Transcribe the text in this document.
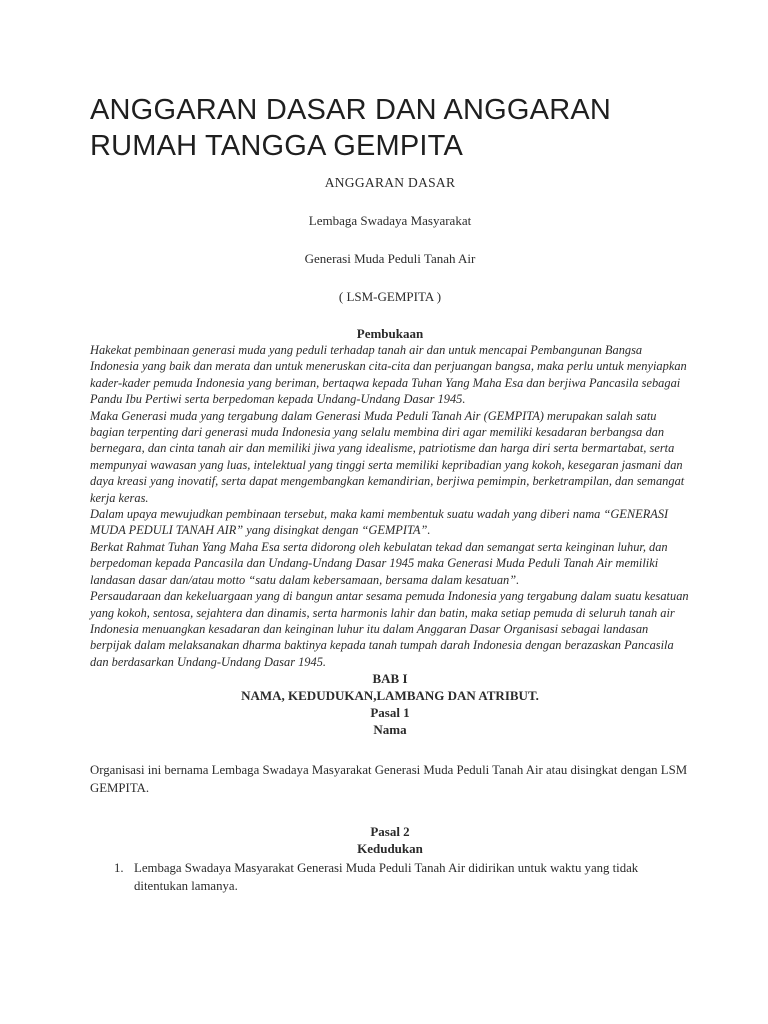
ANGGARAN DASAR DAN ANGGARAN RUMAH TANGGA GEMPITA
ANGGARAN DASAR
Lembaga Swadaya Masyarakat
Generasi Muda Peduli Tanah Air
( LSM-GEMPITA )
Pembukaan

Hakekat pembinaan generasi muda yang peduli terhadap tanah air dan untuk mencapai Pembangunan Bangsa Indonesia yang baik dan merata dan untuk meneruskan cita-cita dan perjuangan bangsa, maka perlu untuk menyiapkan kader-kader pemuda Indonesia yang beriman, bertaqwa kepada Tuhan Yang Maha Esa dan berjiwa Pancasila sebagai Pandu Ibu Pertiwi serta berpedoman kepada Undang-Undang Dasar 1945.

Maka Generasi muda yang tergabung dalam Generasi Muda Peduli Tanah Air (GEMPITA) merupakan salah satu bagian terpenting dari generasi muda Indonesia yang selalu membina diri agar memiliki kesadaran berbangsa dan bernegara, dan cinta tanah air dan memiliki jiwa yang idealisme, patriotisme dan harga diri serta bermartabat, serta mempunyai wawasan yang luas, intelektual yang tinggi serta memiliki kepribadian yang kokoh, kesegaran jasmani dan daya kreasi yang inovatif, serta dapat mengembangkan kemandirian, berjiwa pemimpin, berketrampilan, dan semangat kerja keras.

Dalam upaya mewujudkan pembinaan tersebut, maka kami membentuk suatu wadah yang diberi nama “GENERASI MUDA PEDULI TANAH AIR” yang disingkat dengan “GEMPITA”.

Berkat Rahmat Tuhan Yang Maha Esa serta didorong oleh kebulatan tekad dan semangat serta keinginan luhur, dan berpedoman kepada Pancasila dan Undang-Undang Dasar 1945 maka Generasi Muda Peduli Tanah Air memiliki landasan dasar dan/atau motto “satu dalam kebersamaan, bersama dalam kesatuan”.

Persaudaraan dan kekeluargaan yang di bangun antar sesama pemuda Indonesia yang tergabung dalam suatu kesatuan yang kokoh, sentosa, sejahtera dan dinamis, serta harmonis lahir dan batin, maka setiap pemuda di seluruh tanah air Indonesia menuangkan kesadaran dan keinginan luhur itu dalam Anggaran Dasar Organisasi sebagai landasan berpijak dalam melaksanakan dharma baktinya kepada tanah tumpah darah Indonesia dengan berazaskan Pancasila dan berdasarkan Undang-Undang Dasar 1945.

BAB I
NAMA, KEDUDUKAN,LAMBANG DAN ATRIBUT.
Pasal 1
Nama
Organisasi ini bernama Lembaga Swadaya Masyarakat Generasi Muda Peduli Tanah Air atau disingkat dengan LSM GEMPITA.
Pasal 2
Kedudukan
1. Lembaga Swadaya Masyarakat Generasi Muda Peduli Tanah Air didirikan untuk waktu yang tidak ditentukan lamanya.
